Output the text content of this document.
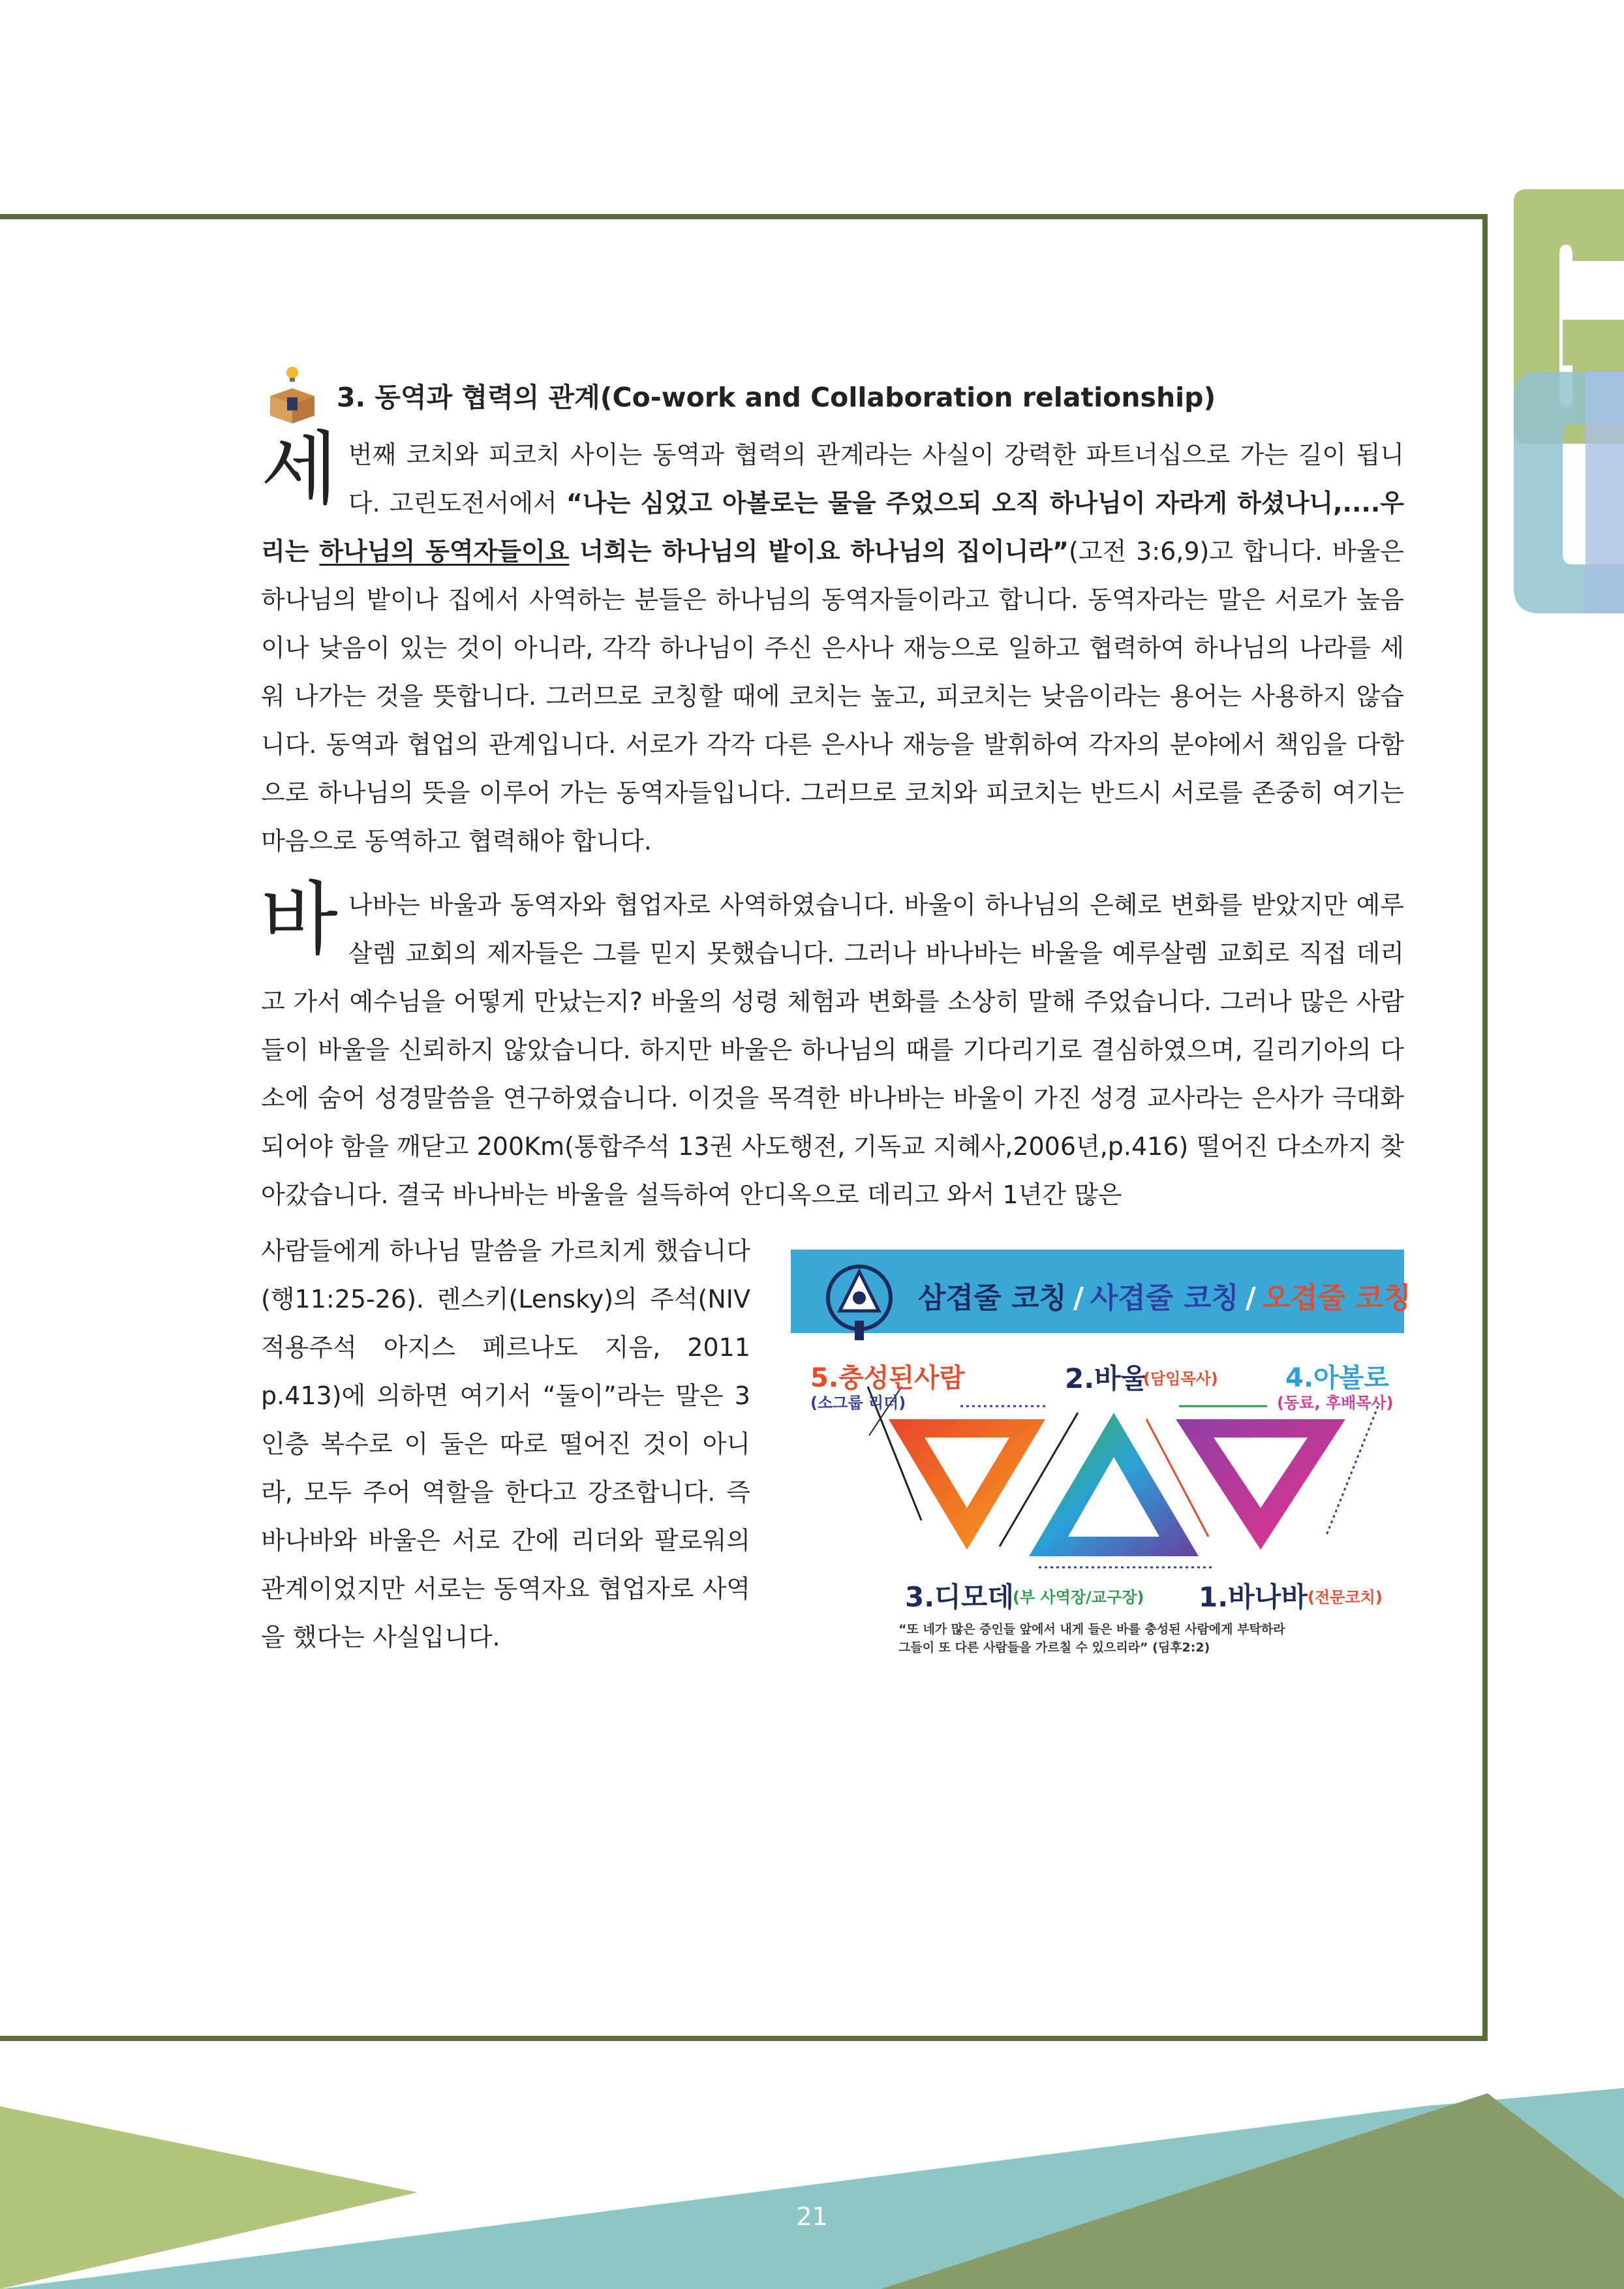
21
3. 동역과 협력의 관계(Co-work and Collaboration relationship)
세 번째 코치와 피코치 사이는 동역과 협력의 관계라는 사실이 강력한 파트너십으로 가는 길이 됩니다. 고린도전서에서 “나는 심었고 아볼로는 물을 주었으되 오직 하나님이 자라게 하셨나니,....우리는 하나님의 동역자들이요 너희는 하나님의 밭이요 하나님의 집이니라”(고전 3:6,9)고 합니다. 바울은 하나님의 밭이나 집에서 사역하는 분들은 하나님의 동역자들이라고 합니다. 동역자라는 말은 서로가 높음이나 낮음이 있는 것이 아니라, 각각 하나님이 주신 은사나 재능으로 일하고 협력하여 하나님의 나라를 세워 나가는 것을 뜻합니다. 그러므로 코칭할 때에 코치는 높고, 피코치는 낮음이라는 용어는 사용하지 않습니다. 동역과 협업의 관계입니다. 서로가 각각 다른 은사나 재능을 발휘하여 각자의 분야에서 책임을 다함으로 하나님의 뜻을 이루어 가는 동역자들입니다. 그러므로 코치와 피코치는 반드시 서로를 존중히 여기는 마음으로 동역하고 협력해야 합니다.
바 나바는 바울과 동역자와 협업자로 사역하였습니다. 바울이 하나님의 은혜로 변화를 받았지만 예루살렘 교회의 제자들은 그를 믿지 못했습니다. 그러나 바나바는 바울을 예루살렘 교회로 직접 데리고 가서 예수님을 어떻게 만났는지? 바울의 성령 체험과 변화를 소상히 말해 주었습니다. 그러나 많은 사람들이 바울을 신뢰하지 않았습니다. 하지만 바울은 하나님의 때를 기다리기로 결심하였으며, 길리기아의 다소에 숨어 성경말씀을 연구하였습니다. 이것을 목격한 바나바는 바울이 가진 성경 교사라는 은사가 극대화되어야 함을 깨닫고 200Km(통합주석 13권 사도행전, 기독교 지혜사,2006년,p.416) 떨어진 다소까지 찾아갔습니다. 결국 바나바는 바울을 설득하여 안디옥으로 데리고 와서 1년간 많은
사람들에게 하나님 말씀을 가르치게 했습니다(행11:25-26). 렌스키(Lensky)의 주석(NIV 적용주석 아지스 페르나도 지음, 2011 p.413)에 의하면 여기서 “둘이”라는 말은 3인층 복수로 이 둘은 따로 떨어진 것이 아니라, 모두 주어 역할을 한다고 강조합니다. 즉 바나바와 바울은 서로 간에 리더와 팔로워의 관계이었지만 서로는 동역자요 협업자로 사역을 했다는 사실입니다.
삼겹줄 코칭 / 사겹줄 코칭 / 오겹줄 코칭
5.충성된사람
(소그룹 리더)
2.바울
(담임목사)	4.아볼로
(동료, 후배목사)
3.디모데
(부 사역장/교구장) 1.바나바 (전문코치)
“또 네가 많은 증인들 앞에서 내게 들은 바를 충성된 사람에게 부탁하라
그들이 또 다른 사람들을 가르칠 수 있으리라” (딤후2:2)
